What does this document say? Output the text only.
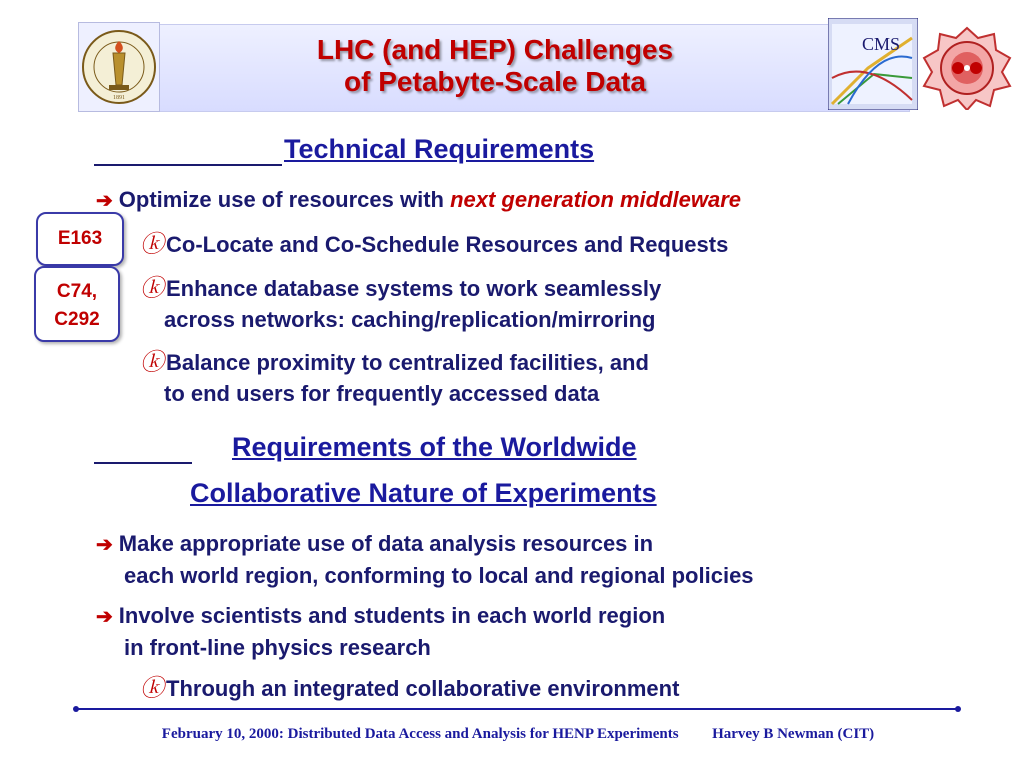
1891
LHC (and HEP) Challenges
of Petabyte-Scale Data
CMS
Technical Requirements
➔ Optimize use of resources with next generation middleware
E163	ⓚCo-Locate and Co-Schedule Resources and Requests
C74,
C292
ⓚEnhance database systems to work seamlessly
across networks: caching/replication/mirroring
ⓚBalance proximity to centralized facilities, and
to end users for frequently accessed data
Requirements of the Worldwide
Collaborative Nature of Experiments
➔ Make appropriate use of data analysis resources in
each world region, conforming to local and regional policies
➔ Involve scientists and students in each world region
in front-line physics research
ⓚThrough an integrated collaborative environment
February 10, 2000: Distributed Data Access and Analysis for HENP Experiments Harvey B Newman (CIT)
